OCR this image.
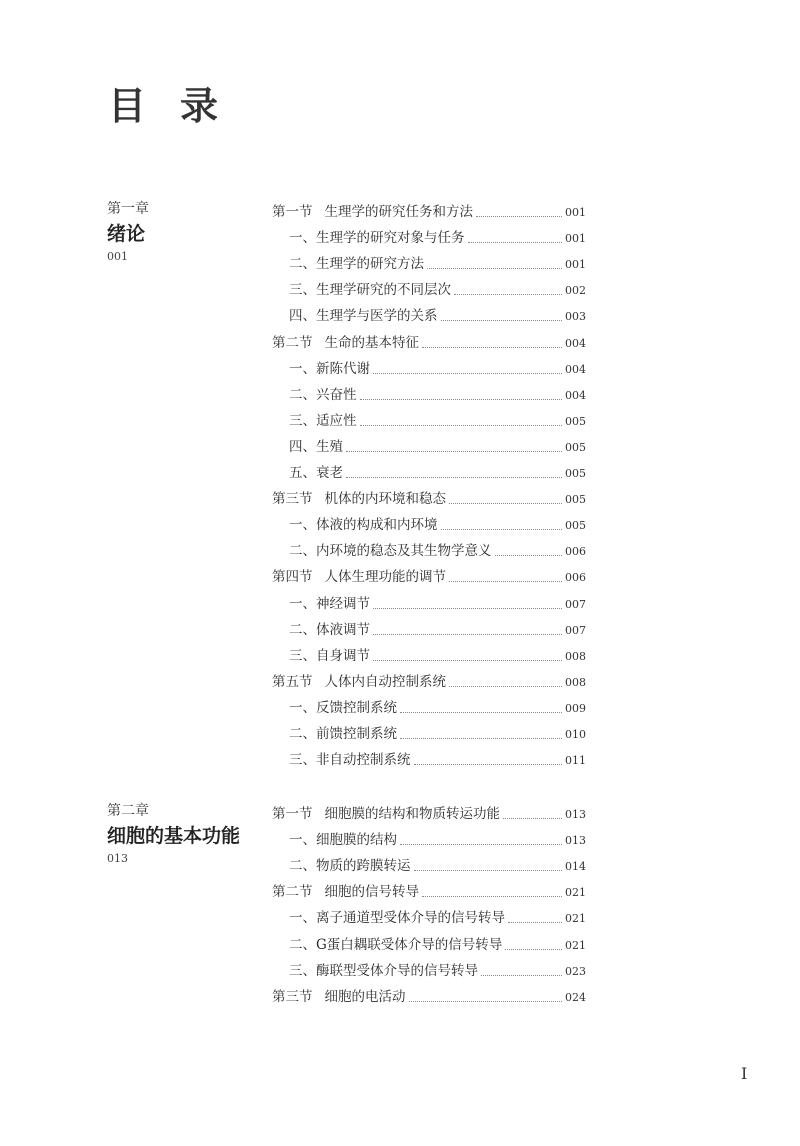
目录
第一章
绪论
001
第一节 生理学的研究任务和方法	001
一、生理学的研究对象与任务	001
二、生理学的研究方法	001
三、生理学研究的不同层次	002
四、生理学与医学的关系	003
第二节 生命的基本特征	004
一、新陈代谢	004
二、兴奋性	004
三、适应性	005
四、生殖	005
五、衰老	005
第三节 机体的内环境和稳态	005
一、体液的构成和内环境	005
二、内环境的稳态及其生物学意义	006
第四节 人体生理功能的调节	006
一、神经调节	007
二、体液调节	007
三、自身调节	008
第五节 人体内自动控制系统	008
一、反馈控制系统	009
二、前馈控制系统	010
三、非自动控制系统	011
第二章
细胞的基本功能
013
第一节 细胞膜的结构和物质转运功能	013
一、细胞膜的结构	013
二、物质的跨膜转运	014
第二节 细胞的信号转导	021
一、离子通道型受体介导的信号转导	021
二、G蛋白耦联受体介导的信号转导	021
三、酶联型受体介导的信号转导	023
第三节 细胞的电活动	024
I
